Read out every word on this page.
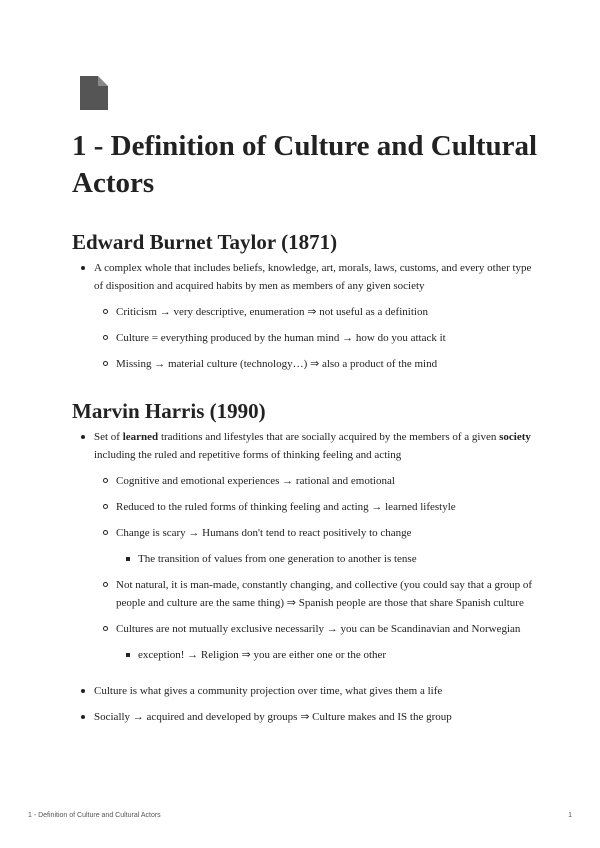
1 - Definition of Culture and Cultural Actors
Edward Burnet Taylor (1871)
A complex whole that includes beliefs, knowledge, art, morals, laws, customs, and every other type of disposition and acquired habits by men as members of any given society
Criticism → very descriptive, enumeration ⇒ not useful as a definition
Culture = everything produced by the human mind → how do you attack it
Missing → material culture (technology…) ⇒ also a product of the mind
Marvin Harris (1990)
Set of learned traditions and lifestyles that are socially acquired by the members of a given society including the ruled and repetitive forms of thinking feeling and acting
Cognitive and emotional experiences → rational and emotional
Reduced to the ruled forms of thinking feeling and acting → learned lifestyle
Change is scary → Humans don't tend to react positively to change
The transition of values from one generation to another is tense
Not natural, it is man-made, constantly changing, and collective (you could say that a group of people and culture are the same thing) ⇒ Spanish people are those that share Spanish culture
Cultures are not mutually exclusive necessarily → you can be Scandinavian and Norwegian
exception! → Religion ⇒ you are either one or the other
Culture is what gives a community projection over time, what gives them a life
Socially → acquired and developed by groups ⇒ Culture makes and IS the group
1 - Definition of Culture and Cultural Actors	1
